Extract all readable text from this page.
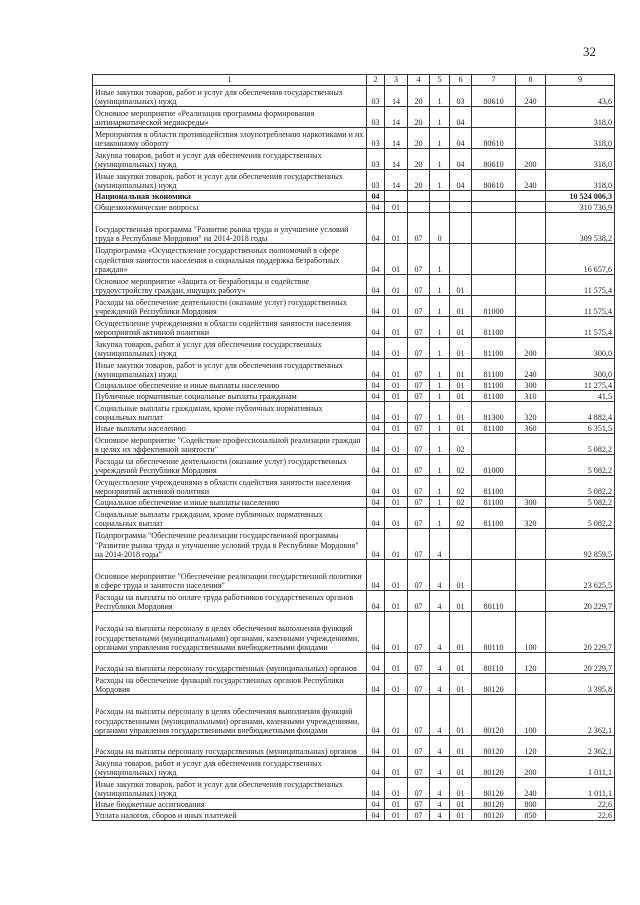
32
1	2	3	4	5	6	7	8	9
Иные закупки товаров, работ и услуг для обеспечения государственных (муниципальных) нужд	03	14	20	1	03	80610	240	43,6
Основное мероприятие «Реализация программы формирования антинаркотической медиасреды»	03	14	20	1	04			318,0
Мероприятия в области противодействия злоупотреблению наркотиками и их незаконному обороту	03	14	20	1	04	80610		318,0
Закупка товаров, работ и услуг для обеспечения государственных (муниципальных) нужд	03	14	20	1	04	80610	200	318,0
Иные закупки товаров, работ и услуг для обеспечения государственных (муниципальных) нужд	03	14	20	1	04	80610	240	318,0
Национальная экономика	04							10 524 006,3
Общеэкономические вопросы	04	01						310 736,9
Государственная программа "Развитие рынка труда и улучшение условий труда в Республике Мордовия" на 2014-2018 годы	04	01	07	0				309 538,2
Подпрограмма «Осуществление государственных полномочий в сфере содействия занятости населения и социальная поддержка безработных граждан»	04	01	07	1				16 657,6
Основное мероприятие «Защита от безработицы и содействие трудоустройству граждан, ищущих работу»	04	01	07	1	01			11 575,4
Расходы на обеспечение деятельности (оказание услуг) государственных учреждений Республики Мордовия	04	01	07	1	01	81000		11 575,4
Осуществление учреждениями в области содействия занятости населения мероприятий активной политики	04	01	07	1	01	81100		11 575,4
Закупка товаров, работ и услуг для обеспечения государственных (муниципальных) нужд	04	01	07	1	01	81100	200	300,0
Иные закупки товаров, работ и услуг для обеспечения государственных (муниципальных) нужд	04	01	07	1	01	81100	240	300,0
Социальное обеспечение и иные выплаты населению	04	01	07	1	01	81100	300	11 275,4
Публичные нормативные социальные выплаты гражданам	04	01	07	1	01	81100	310	41,5
Социальные выплаты гражданам, кроме публичных нормативных социальных выплат	04	01	07	1	01	81300	320	4 882,4
Иные выплаты населению	04	01	07	1	01	81100	360	6 351,5
Основное мероприятие "Содействие профессиональной реализации граждан в целях их эффективной занятости"	04	01	07	1	02			5 082,2
Расходы на обеспечение деятельности (оказание услуг) государственных учреждений Республики Мордовия	04	01	07	1	02	81000		5 082,2
Осуществление учреждениями в области содействия занятости населения мероприятий активной политики	04	01	07	1	02	81100		5 082,2
Социальное обеспечение и иные выплаты населению	04	01	07	1	02	81100	300	5 082,2
Социальные выплаты гражданам, кроме публичных нормативных социальных выплат	04	01	07	1	02	81100	320	5 082,2
Подпрограмма "Обеспечение реализации государственной программы "Развитие рынка труда и улучшение условий труда в Республике Мордовия" на 2014-2018 годы"	04	01	07	4				92 859,5
Основное мероприятие "Обеспечение реализации государственной политики в сфере труда и занятости населения"	04	01	07	4	01			23 625,5
Расходы на выплаты по оплате труда работников государственных органов Республики Мордовия	04	01	07	4	01	80110		20 229,7
Расходы на выплаты персоналу в целях обеспечения выполнения функций государственными (муниципальными) органами, казенными учреждениями, органами управления государственными внебюджетными фондами	04	01	07	4	01	80110	100	20 229,7
Расходы на выплаты персоналу государственных (муниципальных) органов	04	01	07	4	01	80110	120	20 229,7
Расходы на обеспечение функций государственных органов Республики Мордовия	04	01	07	4	01	80120		3 395,8
Расходы на выплаты персоналу в целях обеспечения выполнения функций государственными (муниципальными) органами, казенными учреждениями, органами управления государственными внебюджетными фондами	04	01	07	4	01	80120	100	2 362,1
Расходы на выплаты персоналу государственных (муниципальных) органов	04	01	07	4	01	80120	120	2 362,1
Закупка товаров, работ и услуг для обеспечения государственных (муниципальных) нужд	04	01	07	4	01	80120	200	1 011,1
Иные закупки товаров, работ и услуг для обеспечения государственных (муниципальных) нужд	04	01	07	4	01	80120	240	1 011,1
Иные бюджетные ассигнования	04	01	07	4	01	80120	800	22,6
Уплата налогов, сборов и иных платежей	04	01	07	4	01	80120	850	22,6
